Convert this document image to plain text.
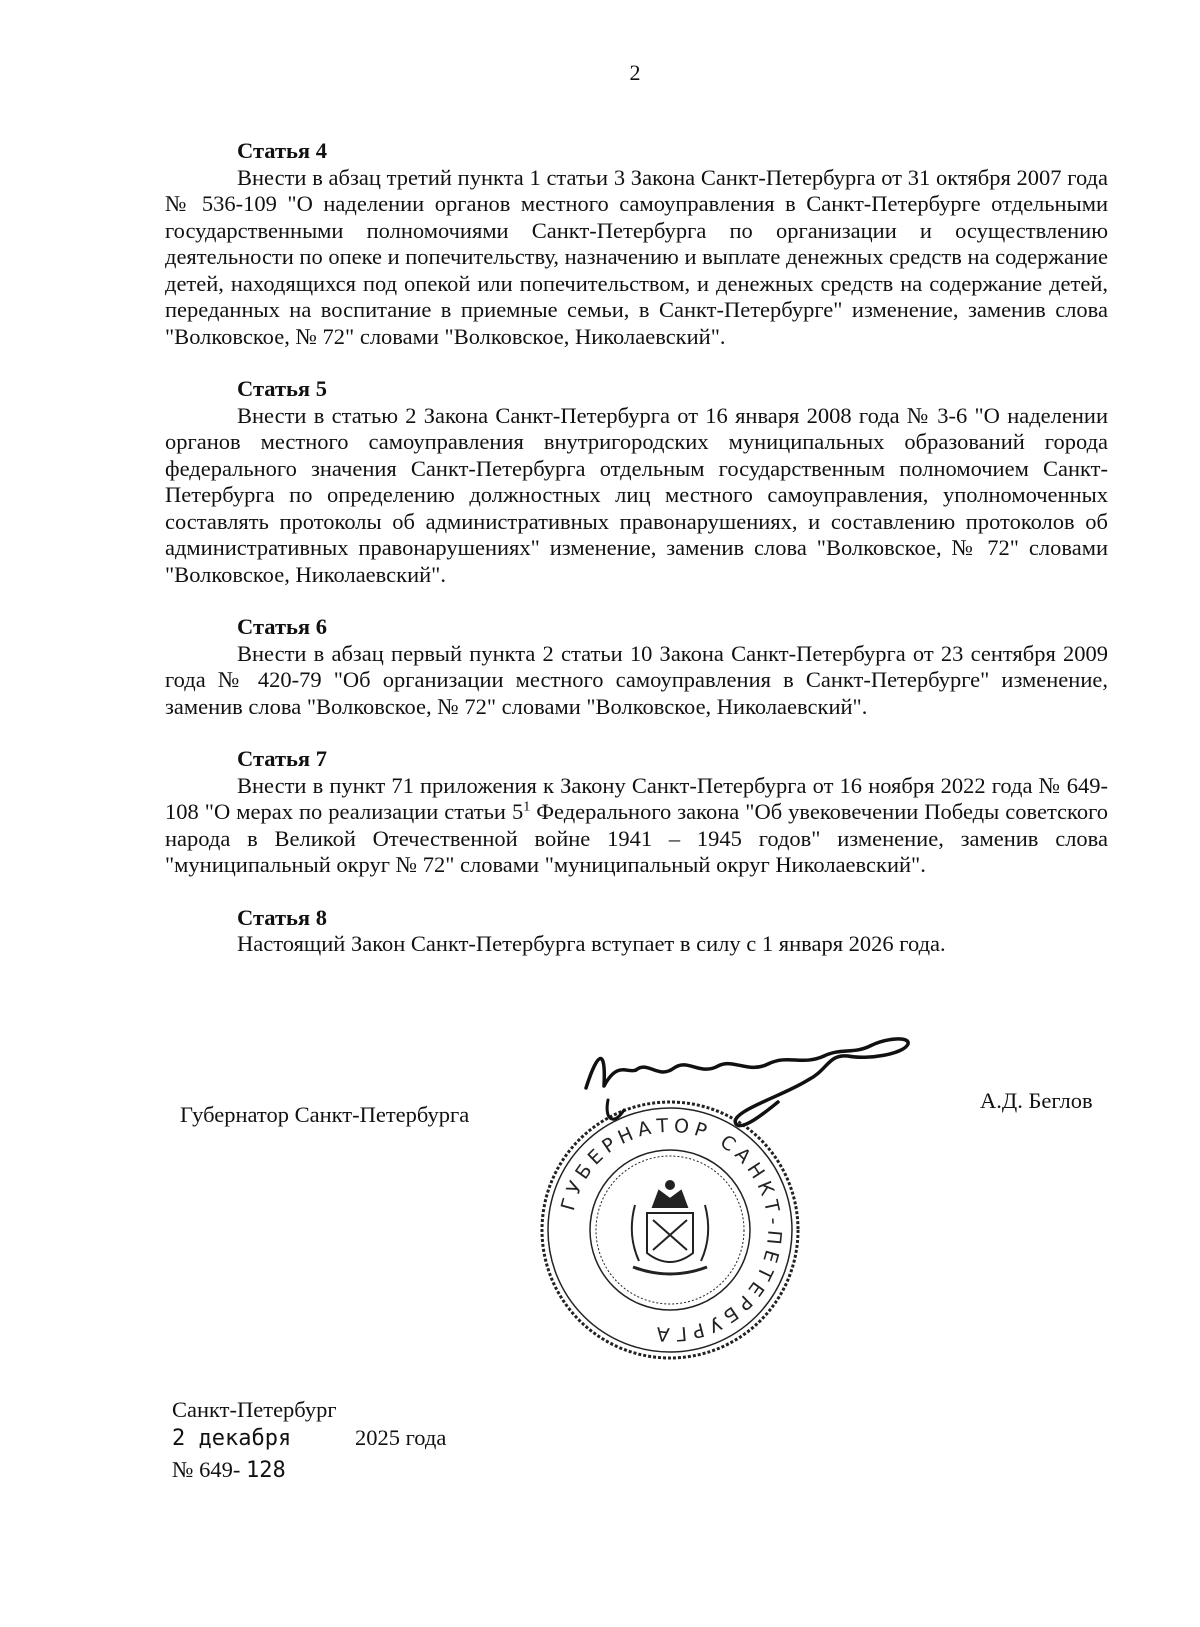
2

Статья 4

Внести в абзац третий пункта 1 статьи 3 Закона Санкт-Петербурга от 31 октября 2007 года № 536-109 "О наделении органов местного самоуправления в Санкт-Петербурге отдельными государственными полномочиями Санкт-Петербурга по организации и осуществлению деятельности по опеке и попечительству, назначению и выплате денежных средств на содержание детей, находящихся под опекой или попечительством, и денежных средств на содержание детей, переданных на воспитание в приемные семьи, в Санкт-Петербурге" изменение, заменив слова "Волковское, № 72" словами "Волковское, Николаевский".

Статья 5

Внести в статью 2 Закона Санкт-Петербурга от 16 января 2008 года № 3-6 "О наделении органов местного самоуправления внутригородских муниципальных образований города федерального значения Санкт-Петербурга отдельным государственным полномочием Санкт-Петербурга по определению должностных лиц местного самоуправления, уполномоченных составлять протоколы об административных правонарушениях, и составлению протоколов об административных правонарушениях" изменение, заменив слова "Волковское, № 72" словами "Волковское, Николаевский".

Статья 6

Внести в абзац первый пункта 2 статьи 10 Закона Санкт-Петербурга от 23 сентября 2009 года № 420-79 "Об организации местного самоуправления в Санкт-Петербурге" изменение, заменив слова "Волковское, № 72" словами "Волковское, Николаевский".

Статья 7

Внести в пункт 71 приложения к Закону Санкт-Петербурга от 16 ноября 2022 года № 649-108 "О мерах по реализации статьи $5^1$ Федерального закона "Об увековечении Победы советского народа в Великой Отечественной войне 1941 – 1945 годов" изменение, заменив слова "муниципальный округ № 72" словами "муниципальный округ Николаевский".

Статья 8

Настоящий Закон Санкт-Петербурга вступает в силу с 1 января 2026 года.

Губернатор Санкт-Петербурга
А.Д. Беглов
ГУБЕРНАТОР САНКТ-ПЕТЕРБУРГА
Санкт-Петербург
2 декабря	2025 года
№ 649- 128
